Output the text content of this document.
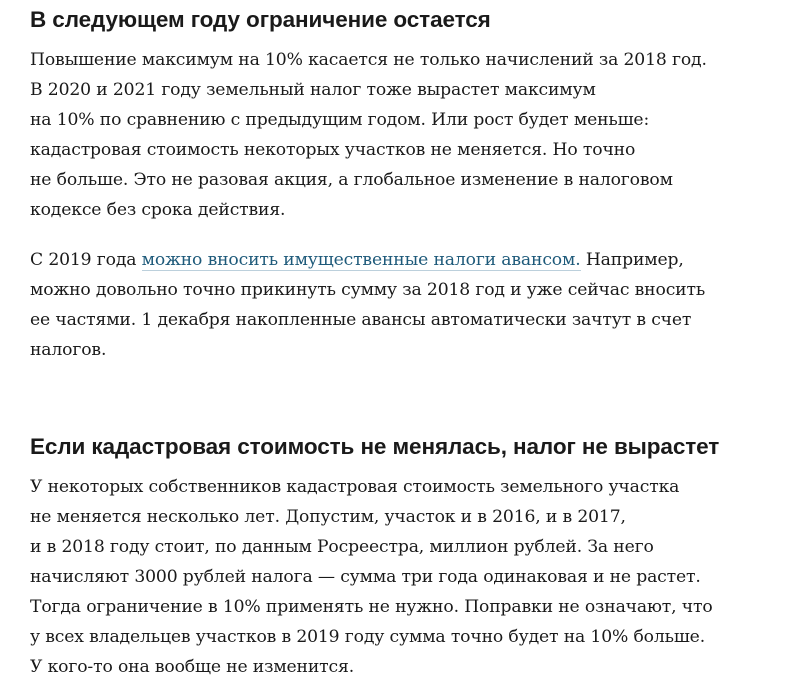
В следующем году ограничение остается

Повышение максимум на 10% касается не только начислений за 2018 год.
В 2020 и 2021 году земельный налог тоже вырастет максимум
на 10% по сравнению с предыдущим годом. Или рост будет меньше:
кадастровая стоимость некоторых участков не меняется. Но точно
не больше. Это не разовая акция, а глобальное изменение в налоговом
кодексе без срока действия.

С 2019 года можно вносить имущественные налоги авансом. Например,
можно довольно точно прикинуть сумму за 2018 год и уже сейчас вносить
ее частями. 1 декабря накопленные авансы автоматически зачтут в счет
налогов.

Если кадастровая стоимость не менялась, налог не вырастет

У некоторых собственников кадастровая стоимость земельного участка
не меняется несколько лет. Допустим, участок и в 2016, и в 2017,
и в 2018 году стоит, по данным Росреестра, миллион рублей. За него
начисляют 3000 рублей налога — сумма три года одинаковая и не растет.
Тогда ограничение в 10% применять не нужно. Поправки не означают, что
у всех владельцев участков в 2019 году сумма точно будет на 10% больше.
У кого-то она вообще не изменится.
